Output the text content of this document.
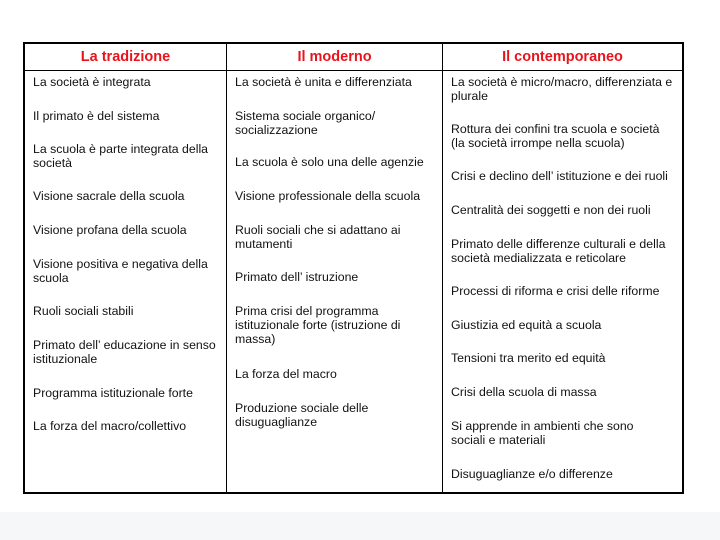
La tradizione	Il moderno	Il contemporaneo
La società è integrata
Il primato è del sistema
La scuola è parte integrata della
società
Visione sacrale della scuola
Visione profana della scuola
Visione positiva e negativa della
scuola
Ruoli sociali stabili
Primato dell’ educazione in senso
istituzionale
Programma istituzionale forte
La forza del macro/collettivo
La società è unita e differenziata
Sistema sociale organico/
socializzazione
La scuola è solo una delle agenzie
Visione professionale della scuola
Ruoli sociali che si adattano ai
mutamenti
Primato dell’ istruzione
Prima crisi del programma
istituzionale forte (istruzione di
massa)
La forza del macro
Produzione sociale delle
disuguaglianze
La società è micro/macro, differenziata e
plurale
Rottura dei confini tra scuola e società
(la società irrompe nella scuola)
Crisi e declino dell’ istituzione e dei ruoli
Centralità dei soggetti e non dei ruoli
Primato delle differenze culturali e della
società medializzata e reticolare
Processi di riforma e crisi delle riforme
Giustizia ed equità a scuola
Tensioni tra merito ed equità
Crisi della scuola di massa
Si apprende in ambienti che sono
sociali e materiali
Disuguaglianze e/o differenze
